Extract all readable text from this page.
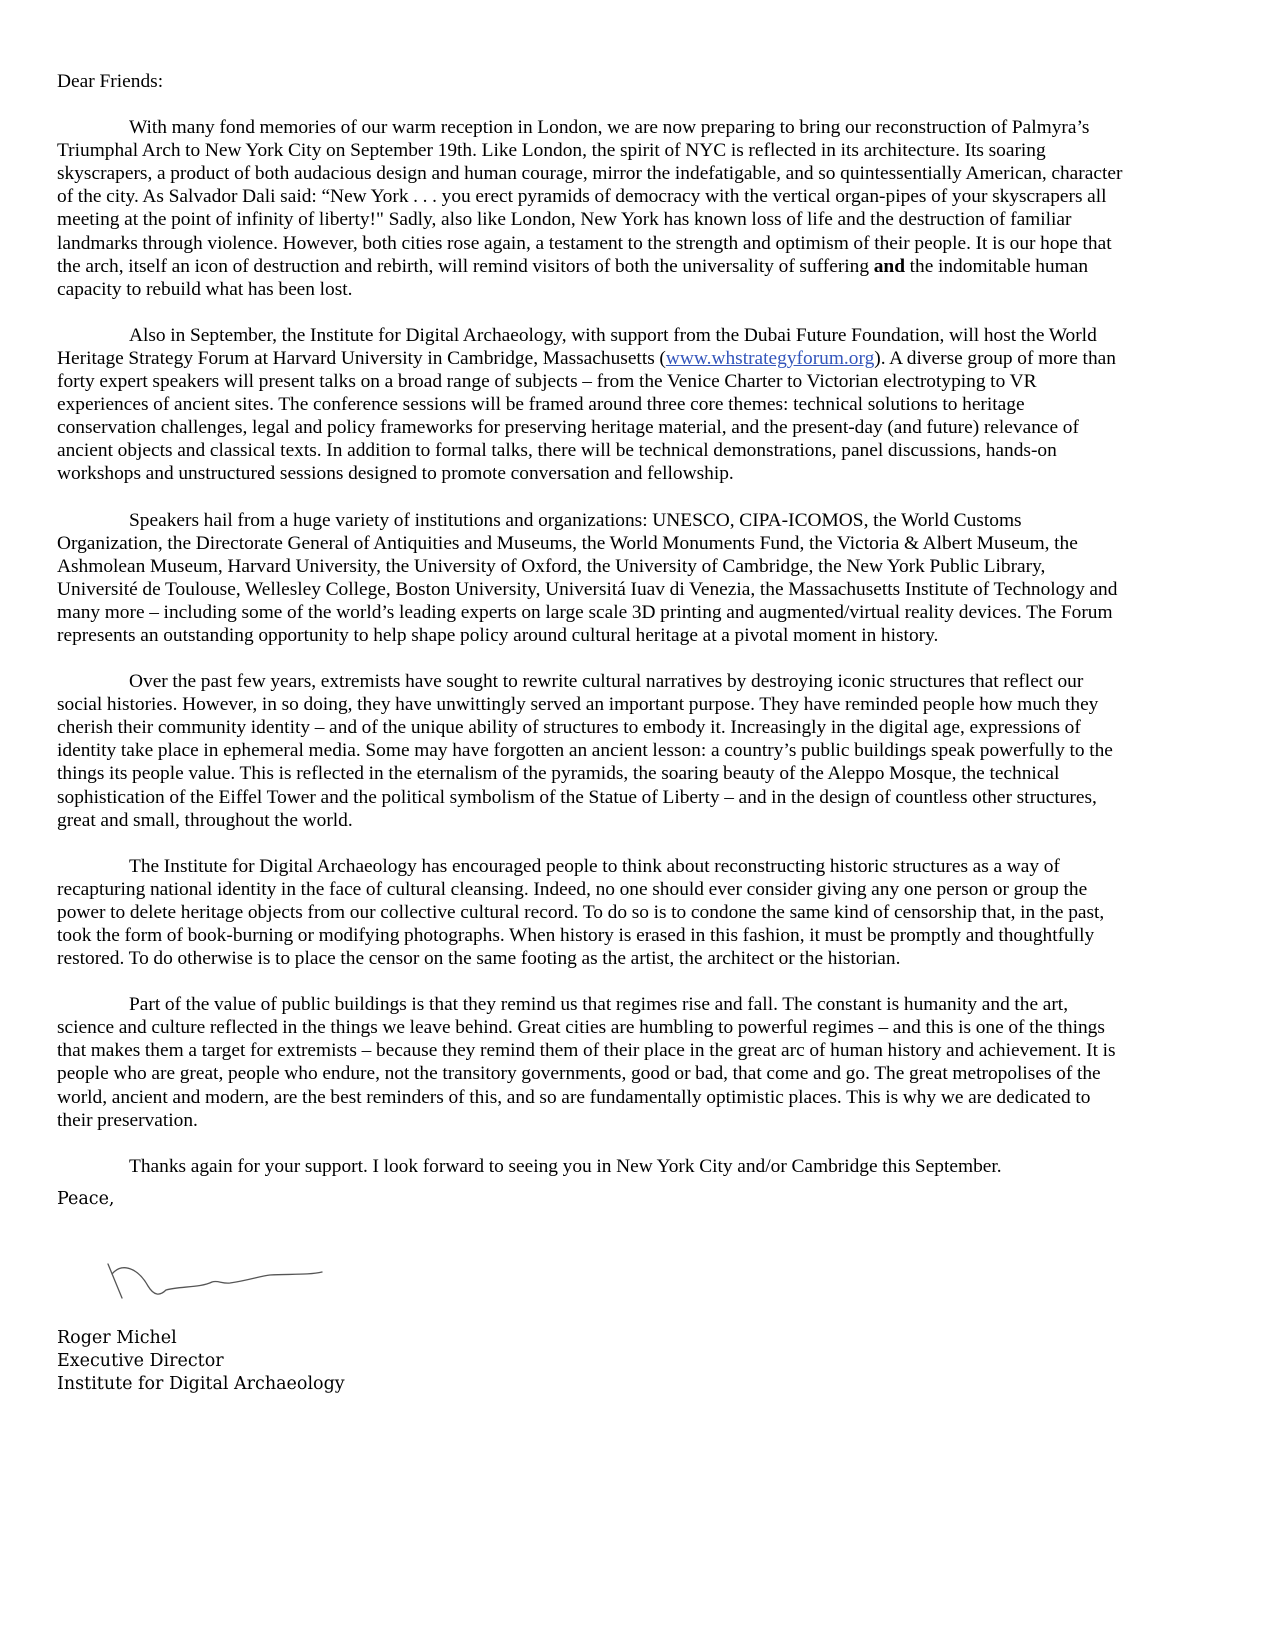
Dear Friends:
With many fond memories of our warm reception in London, we are now preparing to bring our reconstruction of Palmyra’s
Triumphal Arch to New York City on September 19th. Like London, the spirit of NYC is reflected in its architecture. Its soaring
skyscrapers, a product of both audacious design and human courage, mirror the indefatigable, and so quintessentially American, character
of the city. As Salvador Dali said: “New York . . . you erect pyramids of democracy with the vertical organ-pipes of your skyscrapers all
meeting at the point of infinity of liberty!" Sadly, also like London, New York has known loss of life and the destruction of familiar
landmarks through violence. However, both cities rose again, a testament to the strength and optimism of their people. It is our hope that
the arch, itself an icon of destruction and rebirth, will remind visitors of both the universality of suffering and the indomitable human
capacity to rebuild what has been lost.
Also in September, the Institute for Digital Archaeology, with support from the Dubai Future Foundation, will host the World
Heritage Strategy Forum at Harvard University in Cambridge, Massachusetts (www.whstrategyforum.org). A diverse group of more than
forty expert speakers will present talks on a broad range of subjects – from the Venice Charter to Victorian electrotyping to VR
experiences of ancient sites. The conference sessions will be framed around three core themes: technical solutions to heritage
conservation challenges, legal and policy frameworks for preserving heritage material, and the present-day (and future) relevance of
ancient objects and classical texts. In addition to formal talks, there will be technical demonstrations, panel discussions, hands-on
workshops and unstructured sessions designed to promote conversation and fellowship.
Speakers hail from a huge variety of institutions and organizations: UNESCO, CIPA-ICOMOS, the World Customs
Organization, the Directorate General of Antiquities and Museums, the World Monuments Fund, the Victoria & Albert Museum, the
Ashmolean Museum, Harvard University, the University of Oxford, the University of Cambridge, the New York Public Library,
Université de Toulouse, Wellesley College, Boston University, Universitá Iuav di Venezia, the Massachusetts Institute of Technology and
many more – including some of the world’s leading experts on large scale 3D printing and augmented/virtual reality devices. The Forum
represents an outstanding opportunity to help shape policy around cultural heritage at a pivotal moment in history.
Over the past few years, extremists have sought to rewrite cultural narratives by destroying iconic structures that reflect our
social histories. However, in so doing, they have unwittingly served an important purpose. They have reminded people how much they
cherish their community identity – and of the unique ability of structures to embody it. Increasingly in the digital age, expressions of
identity take place in ephemeral media. Some may have forgotten an ancient lesson: a country’s public buildings speak powerfully to the
things its people value. This is reflected in the eternalism of the pyramids, the soaring beauty of the Aleppo Mosque, the technical
sophistication of the Eiffel Tower and the political symbolism of the Statue of Liberty – and in the design of countless other structures,
great and small, throughout the world.
The Institute for Digital Archaeology has encouraged people to think about reconstructing historic structures as a way of
recapturing national identity in the face of cultural cleansing. Indeed, no one should ever consider giving any one person or group the
power to delete heritage objects from our collective cultural record. To do so is to condone the same kind of censorship that, in the past,
took the form of book-burning or modifying photographs. When history is erased in this fashion, it must be promptly and thoughtfully
restored. To do otherwise is to place the censor on the same footing as the artist, the architect or the historian.
Part of the value of public buildings is that they remind us that regimes rise and fall. The constant is humanity and the art,
science and culture reflected in the things we leave behind. Great cities are humbling to powerful regimes – and this is one of the things
that makes them a target for extremists – because they remind them of their place in the great arc of human history and achievement. It is
people who are great, people who endure, not the transitory governments, good or bad, that come and go. The great metropolises of the
world, ancient and modern, are the best reminders of this, and so are fundamentally optimistic places. This is why we are dedicated to
their preservation.
Thanks again for your support. I look forward to seeing you in New York City and/or Cambridge this September.
Peace,
Roger Michel
Executive Director
Institute for Digital Archaeology
